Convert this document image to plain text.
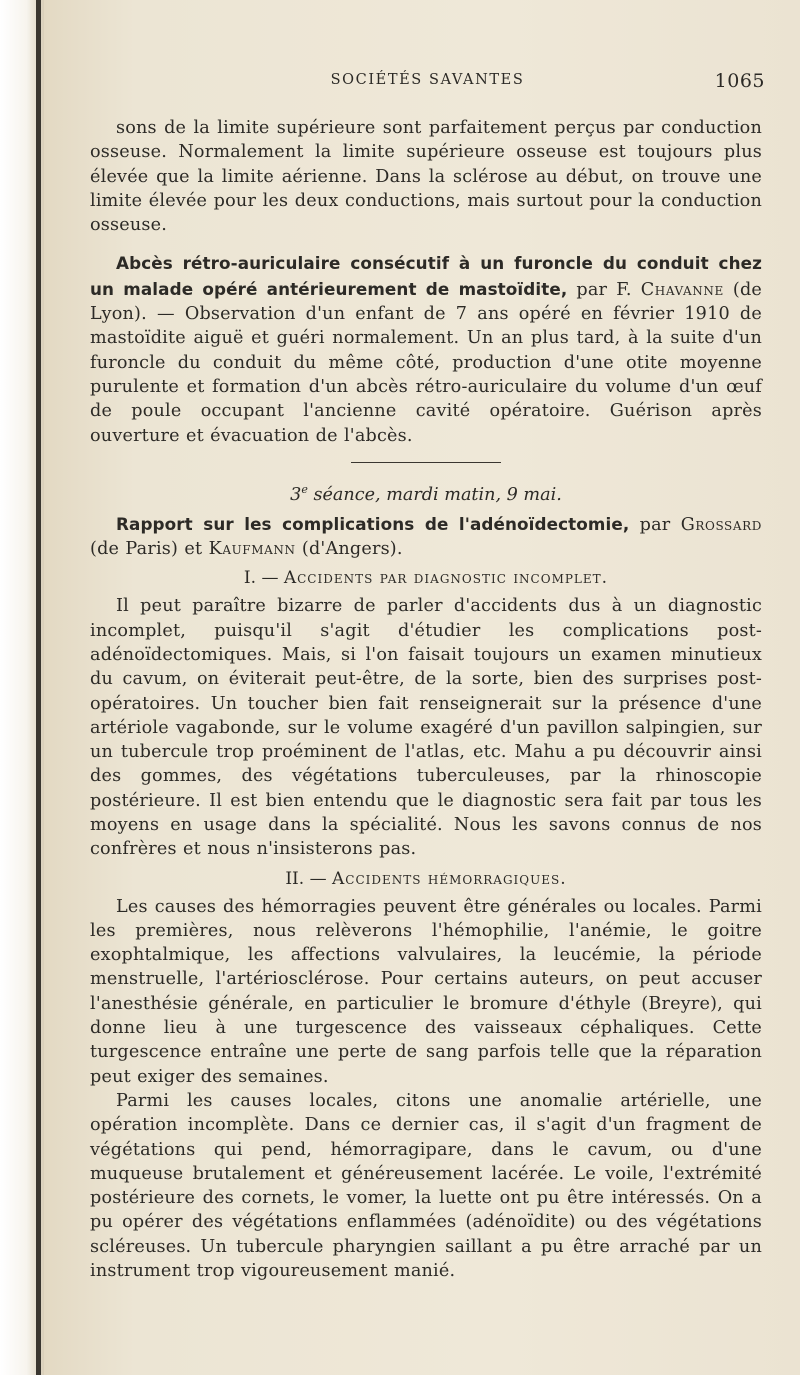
SOCIÉTÉS SAVANTES	1065

sons de la limite supérieure sont parfaitement perçus par conduction osseuse. Normalement la limite supérieure osseuse est toujours plus élevée que la limite aérienne. Dans la sclérose au début, on trouve une limite élevée pour les deux conductions, mais surtout pour la conduction osseuse.

Abcès rétro-auriculaire consécutif à un furoncle du conduit chez un malade opéré antérieurement de mastoïdite, par F. Chavanne (de Lyon). — Observation d'un enfant de 7 ans opéré en février 1910 de mastoïdite aiguë et guéri normalement. Un an plus tard, à la suite d'un furoncle du conduit du même côté, production d'une otite moyenne purulente et formation d'un abcès rétro-auriculaire du volume d'un œuf de poule occupant l'ancienne cavité opératoire. Guérison après ouverture et évacuation de l'abcès.

3e séance, mardi matin, 9 mai.

Rapport sur les complications de l'adénoïdectomie, par Grossard (de Paris) et Kaufmann (d'Angers).

I. — Accidents par diagnostic incomplet.

Il peut paraître bizarre de parler d'accidents dus à un diagnostic incomplet, puisqu'il s'agit d'étudier les complications post-adénoïdectomiques. Mais, si l'on faisait toujours un examen minutieux du cavum, on éviterait peut-être, de la sorte, bien des surprises post-opératoires. Un toucher bien fait renseignerait sur la présence d'une artériole vagabonde, sur le volume exagéré d'un pavillon salpingien, sur un tubercule trop proéminent de l'atlas, etc. Mahu a pu découvrir ainsi des gommes, des végétations tuberculeuses, par la rhinoscopie postérieure. Il est bien entendu que le diagnostic sera fait par tous les moyens en usage dans la spécialité. Nous les savons connus de nos confrères et nous n'insisterons pas.

II. — Accidents hémorragiques.

Les causes des hémorragies peuvent être générales ou locales. Parmi les premières, nous relèverons l'hémophilie, l'anémie, le goitre exophtalmique, les affections valvulaires, la leucémie, la période menstruelle, l'artériosclérose. Pour certains auteurs, on peut accuser l'anesthésie générale, en particulier le bromure d'éthyle (Breyre), qui donne lieu à une turgescence des vaisseaux céphaliques. Cette turgescence entraîne une perte de sang parfois telle que la réparation peut exiger des semaines.

Parmi les causes locales, citons une anomalie artérielle, une opération incomplète. Dans ce dernier cas, il s'agit d'un fragment de végétations qui pend, hémorragipare, dans le cavum, ou d'une muqueuse brutalement et généreusement lacérée. Le voile, l'extrémité postérieure des cornets, le vomer, la luette ont pu être intéressés. On a pu opérer des végétations enflammées (adénoïdite) ou des végétations scléreuses. Un tubercule pharyngien saillant a pu être arraché par un instrument trop vigoureusement manié.
